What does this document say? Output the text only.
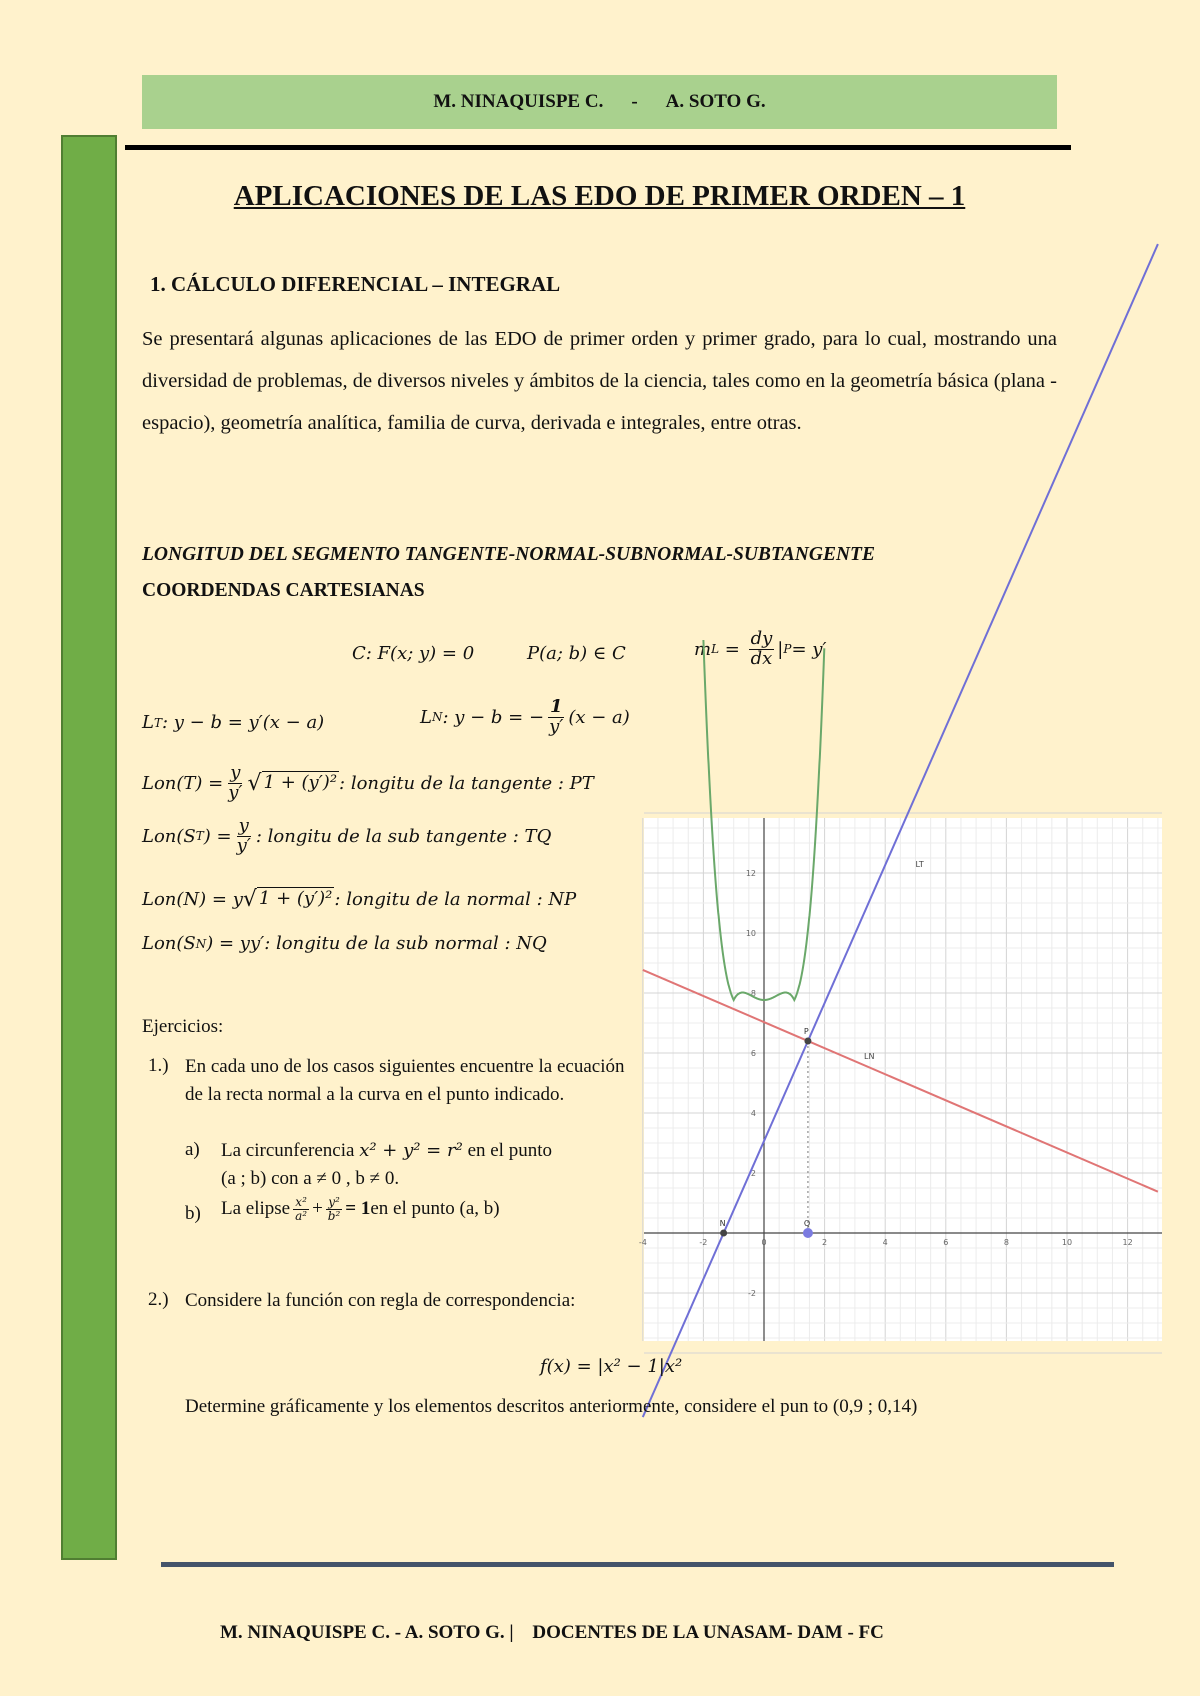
M. NINAQUISPE C. - A. SOTO G.
APLICACIONES DE LAS EDO DE PRIMER ORDEN – 1
1. CÁLCULO DIFERENCIAL – INTEGRAL
Se presentará algunas aplicaciones de las EDO de primer orden y primer grado, para lo cual, mostrando una diversidad de problemas, de diversos niveles y ámbitos de la ciencia, tales como en la geometría básica (plana - espacio), geometría analítica, familia de curva, derivada e integrales, entre otras.
LONGITUD DEL SEGMENTO TANGENTE-NORMAL-SUBNORMAL-SUBTANGENTE
COORDENDAS CARTESIANAS
C: F(x; y) = 0	P(a; b) ∈ C	m $L = \frac{dy}{dx}$ | P = y′
L T : y − b = y′(x − a)	L N : y − b = − $\frac{1}{y'} (x - a)$
$Lon(T) = \frac{y}{y'}$ √ 1 + (y′)² : longitu de la tangente : PT
Lon(S T ) = $\frac{y}{y'}$ : longitu de la sub tangente : TQ
Lon(N) = y √ 1 + (y′)² : longitu de la normal : NP
Lon(S N ) = yy′: longitu de la sub normal : NQ
-4	-2	0	2	4	6	8	10	12
-2
2
4
6
8
10
12
N
P
Q
LT
LN
Ejercicios:
1.) En cada uno de los casos siguientes encuentre la ecuación de la recta normal a la curva en el punto indicado.
a) La circunferencia x² + y² = r² en el punto
(a ; b) con a ≠ 0 , b ≠ 0.
b) La elipse $\frac{\text{x²}}{\text{a²}} + \frac{\text{y²}}{\text{b²}} = 1$ en el punto (a, b)
2.) Considere la función con regla de correspondencia:
f(x) = |x² − 1|x²
Determine gráficamente y los elementos descritos anteriormente, considere el pun to (0,9 ; 0,14)
M. NINAQUISPE C. - A. SOTO G. | DOCENTES DE LA UNASAM- DAM - FC
